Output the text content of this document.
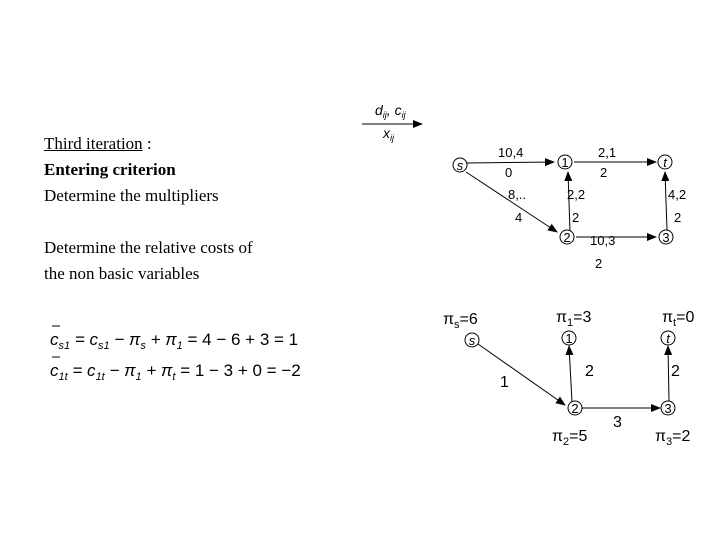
Third iteration :
Entering criterion
Determine the multipliers
Determine the relative costs of
the non basic variables
$c_{s1} = c_{s1} - \pi_s + \pi_1 = 4 - 6 + 3 = 1$
$c_{1t} = c_{1t} - \pi_1 + \pi_t = 1 - 3 + 0 = -2$
$d_{ij}$, $c_{ij}$
$x_{ij}$
s	1
2	3
t
10,4
0
8,..
4
2,2
2
2,1
2
10,3
2
4,2
2
s	1
2	3
t
$\pi_s=6$	$\pi_1=3$	$\pi_t=0$
$\pi_2=5$	$\pi_3=2$
1
2
3
2
